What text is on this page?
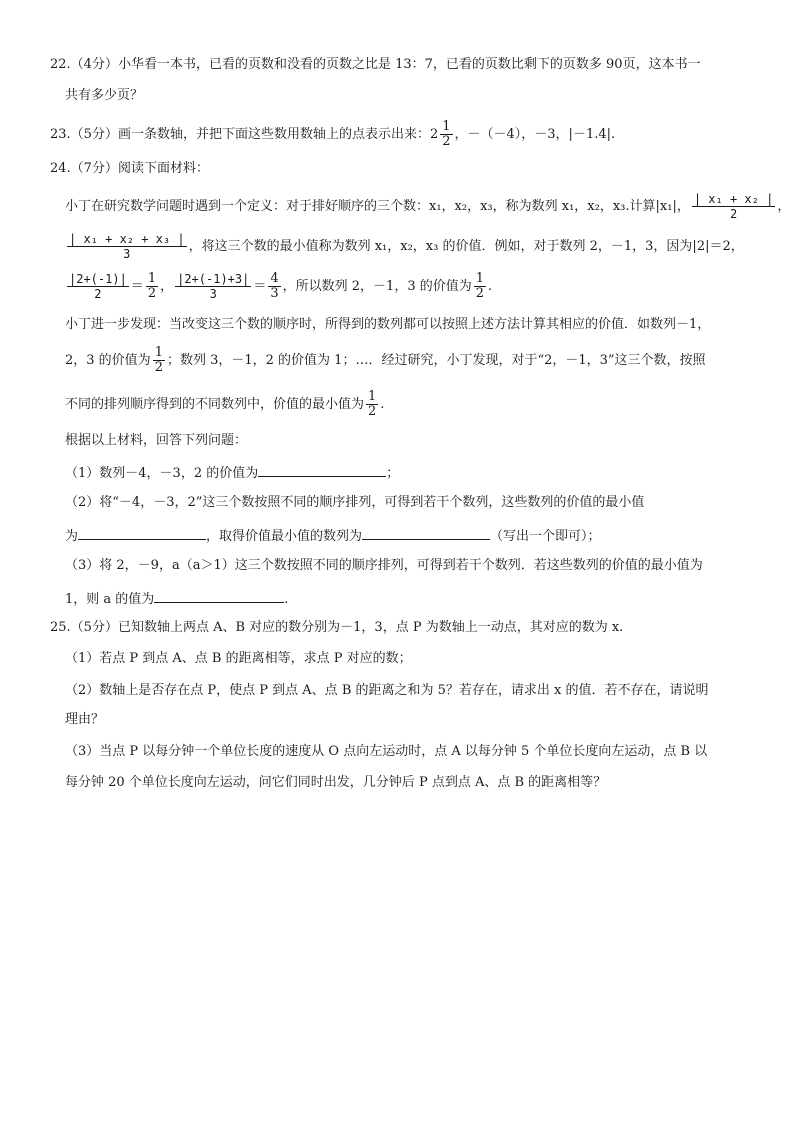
22.（4分）小华看一本书，已看的页数和没看的页数之比是 13：7，已看的页数比剩下的页数多 90页，这本书一
共有多少页？
23.（5分）画一条数轴，并把下面这些数用数轴上的点表示出来：$2 \frac{1}{2}$ ，－（－4），－3，|－1.4|.
24.（7分）阅读下面材料：
小丁在研究数学问题时遇到一个定义：对于排好顺序的三个数：x₁，x₂，x₃，称为数列 x₁，x₂，x₃.计算|x₁|， $\frac{\text{| x₁ + x₂ |}}{2}$ ，
$\frac{\text{| x₁ + x₂ + x₃ |}}{3}$ ，将这三个数的最小值称为数列 x₁，x₂，x₃ 的价值．例如，对于数列 2，－1，3，因为|2|＝2，
$\frac{|2+(-1)|}{2} = \frac{1}{2}$ ， $\frac{|2+(-1)+3|}{3} = \frac{4}{3}$ ，所以数列 2，－1，3 的价值为 $\frac{1}{2}$ .
小丁进一步发现：当改变这三个数的顺序时，所得到的数列都可以按照上述方法计算其相应的价值．如数列－1，
2，3 的价值为 $\frac{1}{2}$ ；数列 3，－1，2 的价值为 1；…．经过研究，小丁发现，对于“2，－1，3”这三个数，按照
不同的排列顺序得到的不同数列中，价值的最小值为 $\frac{1}{2}$ .
根据以上材料，回答下列问题：
（1）数列－4，－3，2 的价值为	；
（2）将“－4，－3，2”这三个数按照不同的顺序排列，可得到若干个数列，这些数列的价值的最小值
为	，取得价值最小值的数列为	（写出一个即可）；
（3）将 2，－9，a（a＞1）这三个数按照不同的顺序排列，可得到若干个数列．若这些数列的价值的最小值为
1，则 a 的值为	.
25.（5分）已知数轴上两点 A、B 对应的数分别为－1，3，点 P 为数轴上一动点，其对应的数为 x.
（1）若点 P 到点 A、点 B 的距离相等，求点 P 对应的数；
（2）数轴上是否存在点 P，使点 P 到点 A、点 B 的距离之和为 5？若存在，请求出 x 的值．若不存在，请说明
理由？
（3）当点 P 以每分钟一个单位长度的速度从 O 点向左运动时，点 A 以每分钟 5 个单位长度向左运动，点 B 以
每分钟 20 个单位长度向左运动，问它们同时出发，几分钟后 P 点到点 A、点 B 的距离相等？
